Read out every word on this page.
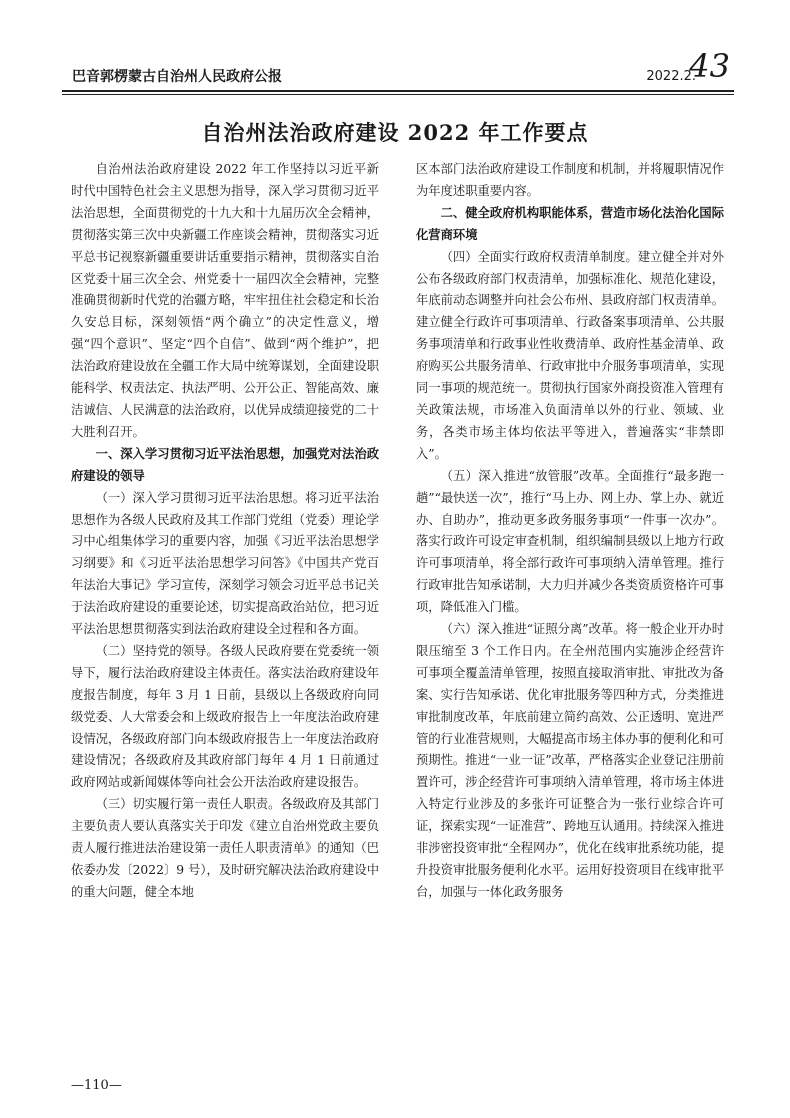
巴音郭楞蒙古自治州人民政府公报	2022.2.
43
自治州法治政府建设 2022 年工作要点

自治州法治政府建设 2022 年工作坚持以习近平新时代中国特色社会主义思想为指导，深入学习贯彻习近平法治思想，全面贯彻党的十九大和十九届历次全会精神，贯彻落实第三次中央新疆工作座谈会精神，贯彻落实习近平总书记视察新疆重要讲话重要指示精神，贯彻落实自治区党委十届三次全会、州党委十一届四次全会精神，完整准确贯彻新时代党的治疆方略，牢牢扭住社会稳定和长治久安总目标，深刻领悟“两个确立”的决定性意义，增强“四个意识”、坚定“四个自信”、做到“两个维护”，把法治政府建设放在全疆工作大局中统筹谋划，全面建设职能科学、权责法定、执法严明、公开公正、智能高效、廉洁诚信、人民满意的法治政府，以优异成绩迎接党的二十大胜利召开。

一、深入学习贯彻习近平法治思想，加强党对法治政府建设的领导

（一）深入学习贯彻习近平法治思想。将习近平法治思想作为各级人民政府及其工作部门党组（党委）理论学习中心组集体学习的重要内容，加强《习近平法治思想学习纲要》和《习近平法治思想学习问答》《中国共产党百年法治大事记》学习宣传，深刻学习领会习近平总书记关于法治政府建设的重要论述，切实提高政治站位，把习近平法治思想贯彻落实到法治政府建设全过程和各方面。

（二）坚持党的领导。各级人民政府要在党委统一领导下，履行法治政府建设主体责任。落实法治政府建设年度报告制度，每年 3 月 1 日前，县级以上各级政府向同级党委、人大常委会和上级政府报告上一年度法治政府建设情况，各级政府部门向本级政府报告上一年度法治政府建设情况；各级政府及其政府部门每年 4 月 1 日前通过政府网站或新闻媒体等向社会公开法治政府建设报告。

（三）切实履行第一责任人职责。各级政府及其部门主要负责人要认真落实关于印发《建立自治州党政主要负责人履行推进法治建设第一责任人职责清单》的通知（巴依委办发〔2022〕9 号），及时研究解决法治政府建设中的重大问题，健全本地

区本部门法治政府建设工作制度和机制，并将履职情况作为年度述职重要内容。

二、健全政府机构职能体系，营造市场化法治化国际化营商环境

（四）全面实行政府权责清单制度。建立健全并对外公布各级政府部门权责清单，加强标准化、规范化建设，年底前动态调整并向社会公布州、县政府部门权责清单。建立健全行政许可事项清单、行政备案事项清单、公共服务事项清单和行政事业性收费清单、政府性基金清单、政府购买公共服务清单、行政审批中介服务事项清单，实现同一事项的规范统一。贯彻执行国家外商投资准入管理有关政策法规，市场准入负面清单以外的行业、领域、业务，各类市场主体均依法平等进入，普遍落实“非禁即入”。

（五）深入推进“放管服”改革。全面推行“最多跑一趟”“最快送一次”，推行“马上办、网上办、掌上办、就近办、自助办”，推动更多政务服务事项“一件事一次办”。落实行政许可设定审查机制，组织编制县级以上地方行政许可事项清单，将全部行政许可事项纳入清单管理。推行行政审批告知承诺制，大力归并减少各类资质资格许可事项，降低准入门槛。

（六）深入推进“证照分离”改革。将一般企业开办时限压缩至 3 个工作日内。在全州范围内实施涉企经营许可事项全覆盖清单管理，按照直接取消审批、审批改为备案、实行告知承诺、优化审批服务等四种方式，分类推进审批制度改革，年底前建立简约高效、公正透明、宽进严管的行业准营规则，大幅提高市场主体办事的便利化和可预期性。推进“一业一证”改革，严格落实企业登记注册前置许可，涉企经营许可事项纳入清单管理，将市场主体进入特定行业涉及的多张许可证整合为一张行业综合许可证，探索实现“一证准营”、跨地互认通用。持续深入推进非涉密投资审批“全程网办”，优化在线审批系统功能，提升投资审批服务便利化水平。运用好投资项目在线审批平台，加强与一体化政务服务

—110—
